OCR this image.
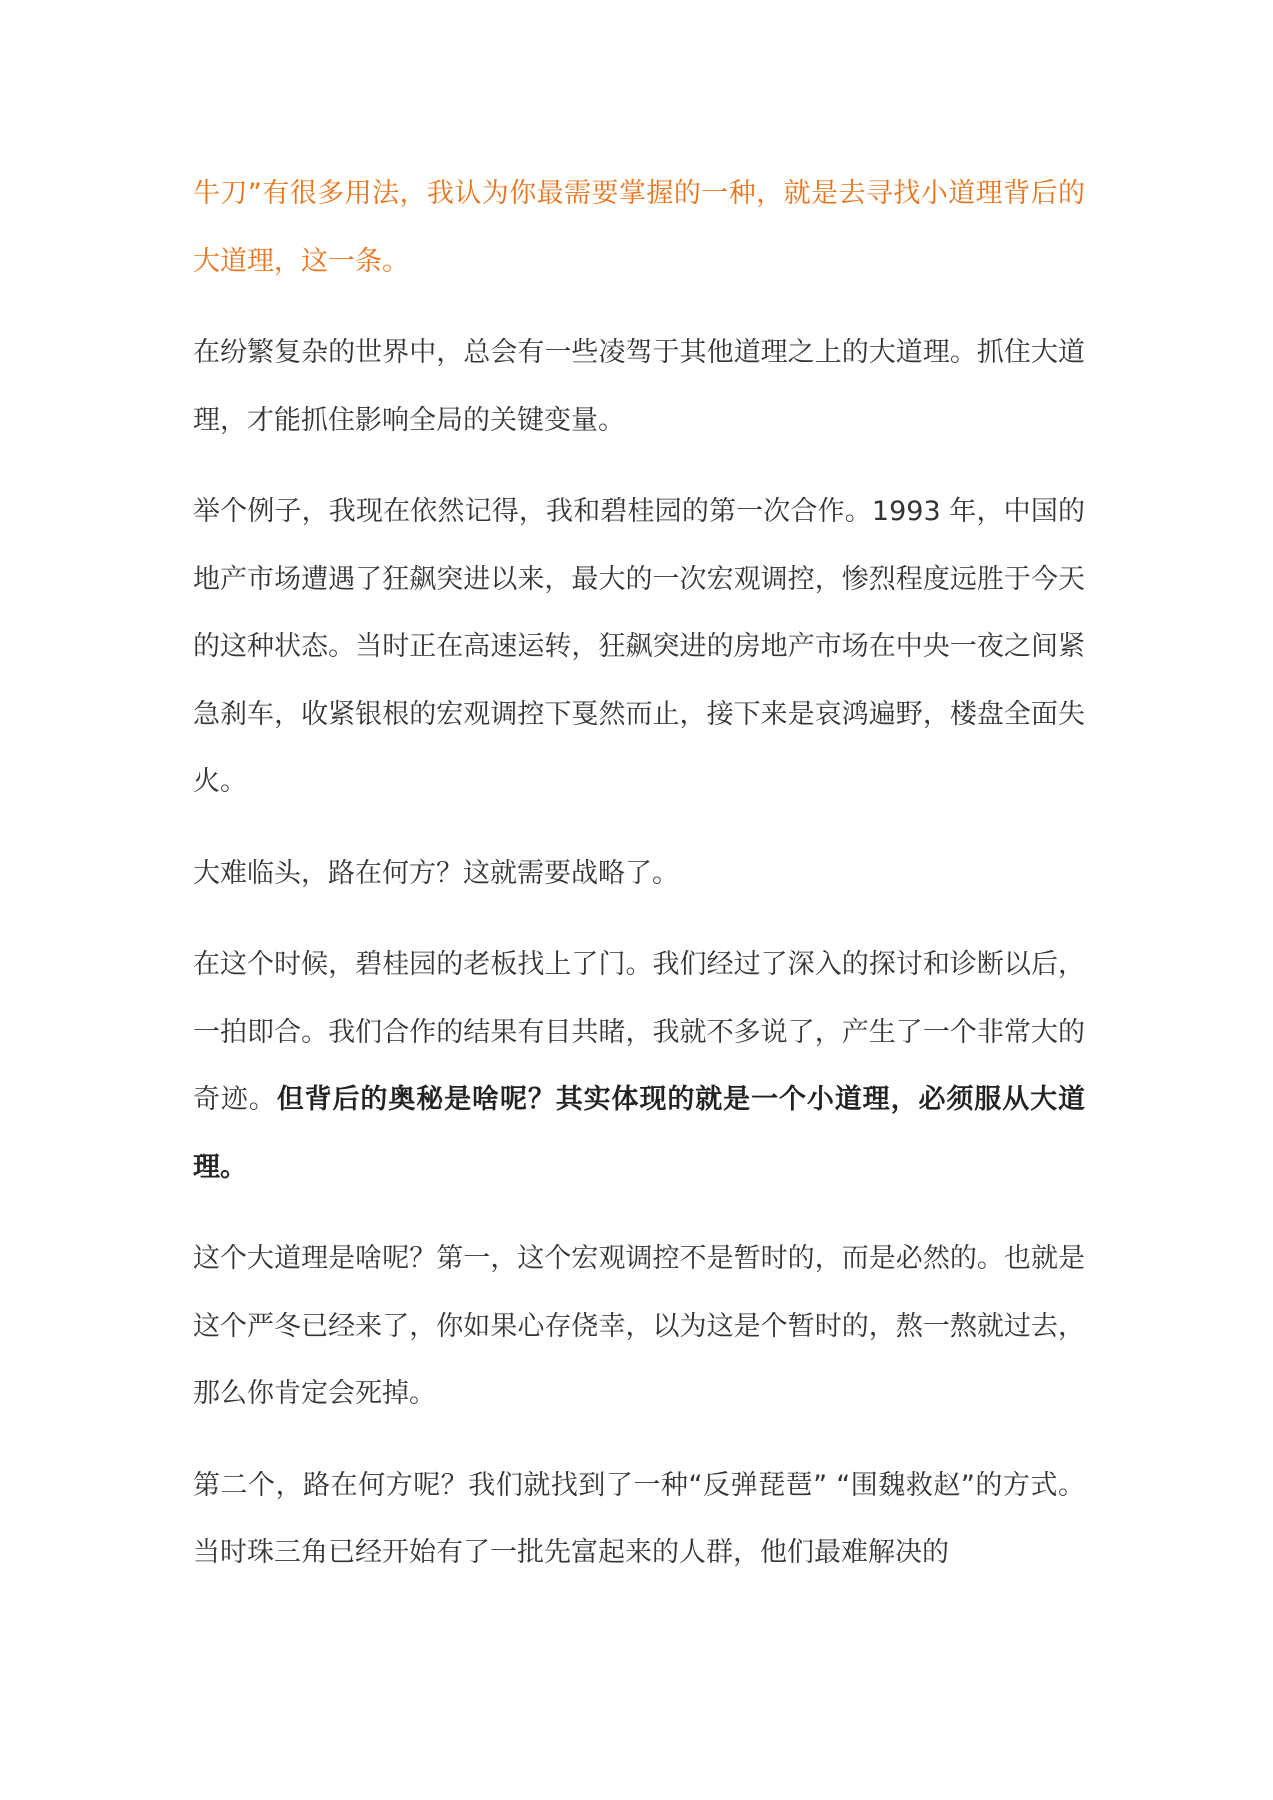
牛刀”有很多用法，我认为你最需要掌握的一种，就是去寻找小道理背后的大道理，这一条。

在纷繁复杂的世界中，总会有一些凌驾于其他道理之上的大道理。抓住大道理，才能抓住影响全局的关键变量。

举个例子，我现在依然记得，我和碧桂园的第一次合作。1993 年，中国的地产市场遭遇了狂飙突进以来，最大的一次宏观调控，惨烈程度远胜于今天的这种状态。当时正在高速运转，狂飙突进的房地产市场在中央一夜之间紧急刹车，收紧银根的宏观调控下戛然而止，接下来是哀鸿遍野，楼盘全面失火。

大难临头，路在何方？这就需要战略了。

在这个时候，碧桂园的老板找上了门。我们经过了深入的探讨和诊断以后，一拍即合。我们合作的结果有目共睹，我就不多说了，产生了一个非常大的奇迹。但背后的奥秘是啥呢？其实体现的就是一个小道理，必须服从大道理。

这个大道理是啥呢？第一，这个宏观调控不是暂时的，而是必然的。也就是这个严冬已经来了，你如果心存侥幸，以为这是个暂时的，熬一熬就过去，那么你肯定会死掉。

第二个，路在何方呢？我们就找到了一种“反弹琵琶” “围魏救赵”的方式。当时珠三角已经开始有了一批先富起来的人群，他们最难解决的
